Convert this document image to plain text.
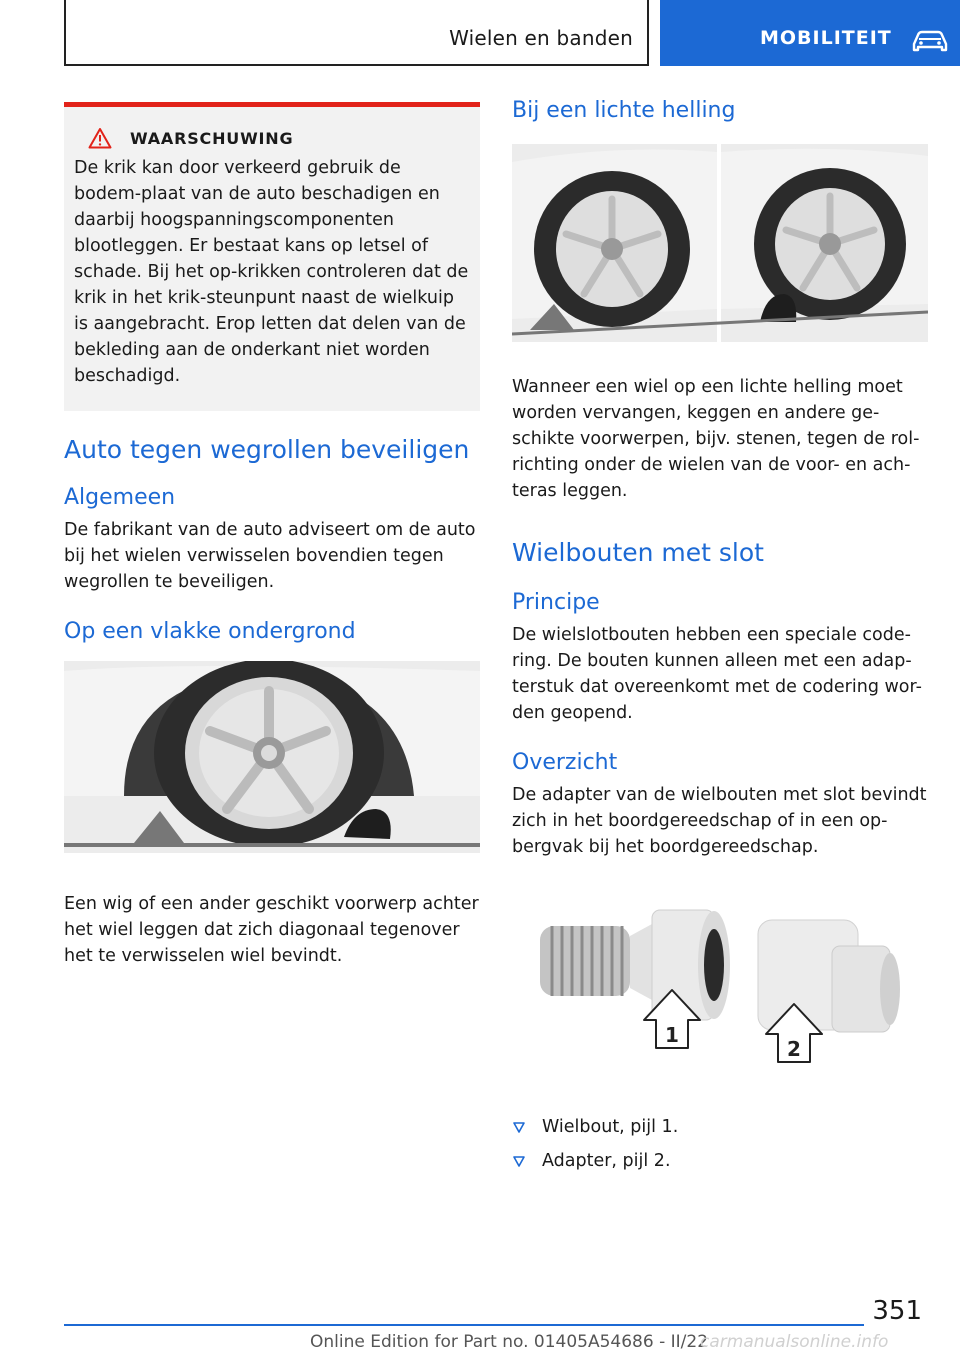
Wielen en banden	MOBILITEIT
WAARSCHUWING
De krik kan door verkeerd gebruik de bodem-plaat van de auto beschadigen en daarbij hoogspanningscomponenten blootleggen. Er bestaat kans op letsel of schade. Bij het op-krikken controleren dat de krik in het krik-steunpunt naast de wielkuip is aangebracht. Erop letten dat delen van de bekleding aan de onderkant niet worden beschadigd.
Auto tegen wegrollen beveiligen
Algemeen
De fabrikant van de auto adviseert om de auto bij het wielen verwisselen bovendien tegen wegrollen te beveiligen.
Op een vlakke ondergrond
Een wig of een ander geschikt voorwerp achter het wiel leggen dat zich diagonaal tegenover het te verwisselen wiel bevindt.
Bij een lichte helling
Wanneer een wiel op een lichte helling moet worden vervangen, keggen en andere ge-schikte voorwerpen, bijv. stenen, tegen de rol-richting onder de wielen van de voor- en ach-teras leggen.
Wielbouten met slot
Principe
De wielslotbouten hebben een speciale code-ring. De bouten kunnen alleen met een adap-terstuk dat overeenkomt met de codering wor-den geopend.
Overzicht
De adapter van de wielbouten met slot bevindt zich in het boordgereedschap of in een op-bergvak bij het boordgereedschap.
1
2
Wielbout, pijl 1.
Adapter, pijl 2.
351
Online Edition for Part no. 01405A54686 - II/22
carmanualsonline.info
